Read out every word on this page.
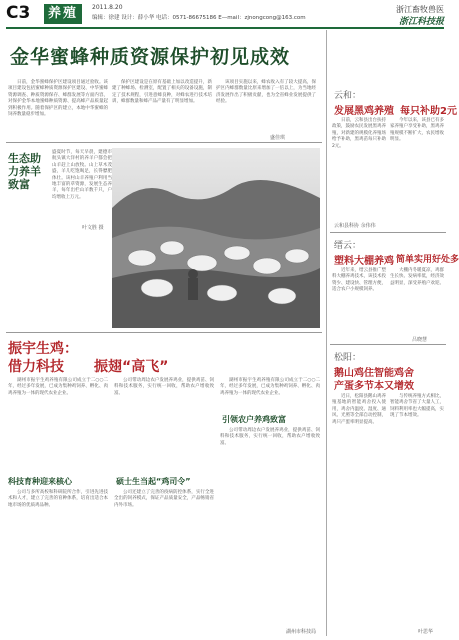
C3	养殖	2011.8.20
编辑：徐建 设计：薛小华 电话：0571-86675186 E—mail：zjnongcong@163.com
浙江畜牧兽医
浙江科技报
金华蜜蜂种质资源保护初见成效

日前，金华蜜蜂保护区建设项目通过验收。该项目建设包括蜜蜂种质资源保护区建设、中华蜜蜂资源调查、种质资源保存、蜂群发展等方面内容，对保护金华本地蜜蜂种质资源、提高蜂产品质量起到积极作用。随着保护区的建立，本地中华蜜蜂的饲养数量稳步增加。

保护区建设是在原有基础上加以改造提升，新建了种蜂场、检测室，配置了相关的设备设施，制定了技术规程，引进意蜂良种，对蜂农进行技术培训，蜂群数量和蜂产品产量有了明显增加。

该项目实施以来，蜂农收入有了较大提高，保护区内蜂群数量比原来增加了一倍以上，为当地经济发展作出了积极贡献，也为全省蜂业发展提供了经验。

盛佳琪
生态助力养羊致富
盛夏时节，每天早晨，建德市航头镇大洋村的养羊户都会把山羊赶上山放牧。山上草木茂盛，羊儿吃饱喝足，长得膘肥体壮。该村山羊养殖户利用当地丰富的草资源，发展生态养羊，每年出栏山羊数千只，户均增收上万元。
叶文胜 摄
振宇生鸡：
借力科技 振翅“高飞”

湖州市振宇生鸡养殖有限公司成立于二○○二年，经过多年发展，已成为集种鸡饲养、孵化、肉鸡养殖为一体的现代农业企业。

科技育种迎来核心

公司与多所高校和科研院所合作，引进先进技术和人才，建立了完善的育种体系，培育出适合本地市场的优质鸡品种。

公司带动周边农户发展养鸡业，提供鸡苗、饲料和技术服务，实行统一回收，帮助农户增收致富。

硕士生当起“鸡司令”

公司还建立了完善的疫病防控体系，实行全进全出的饲养模式，保证产品质量安全，产品畅销省内外市场。

湖州市振宇生鸡养殖有限公司成立于二○○二年，经过多年发展，已成为集种鸡饲养、孵化、肉鸡养殖为一体的现代农业企业。

引领农户养鸡致富

公司带动周边农户发展养鸡业，提供鸡苗、饲料和技术服务，实行统一回收，帮助农户增收致富。

湖州市科技局
云和：
发展黑鸡养殖 每只补助2元

日前，云和县出台扶持政策，鼓励农民发展黑鸡养殖，对新建的规模化养殖场给予补助，黑鸡苗每只补助2元。

今年以来，该县已有多家养殖户享受补助，黑鸡养殖规模不断扩大，农民增收明显。

云和县科协 余伟伟
缙云：
塑料大棚养鸡 简单实用好处多

近年来，缙云县推广塑料大棚养鸡技术，该技术投资少、建设快、管理方便，适合农户小规模饲养。

大棚内冬暖夏凉，鸡群生长快、发病率低，经济效益明显，深受养殖户欢迎。

吕晓慧
松阳：
鹅山鸡住智能鸡舍
产蛋多节本又增效

近日，松阳县鹅山鸡养殖基地的智能鸡舍投入使用，鸡舍内温度、湿度、通风、光照等全部自动控制，鸡只产蛋率明显提高。

与传统养殖方式相比，智能鸡舍节省了大量人工，饲料利用率也大幅提高，实现了节本增效。

叶思华
